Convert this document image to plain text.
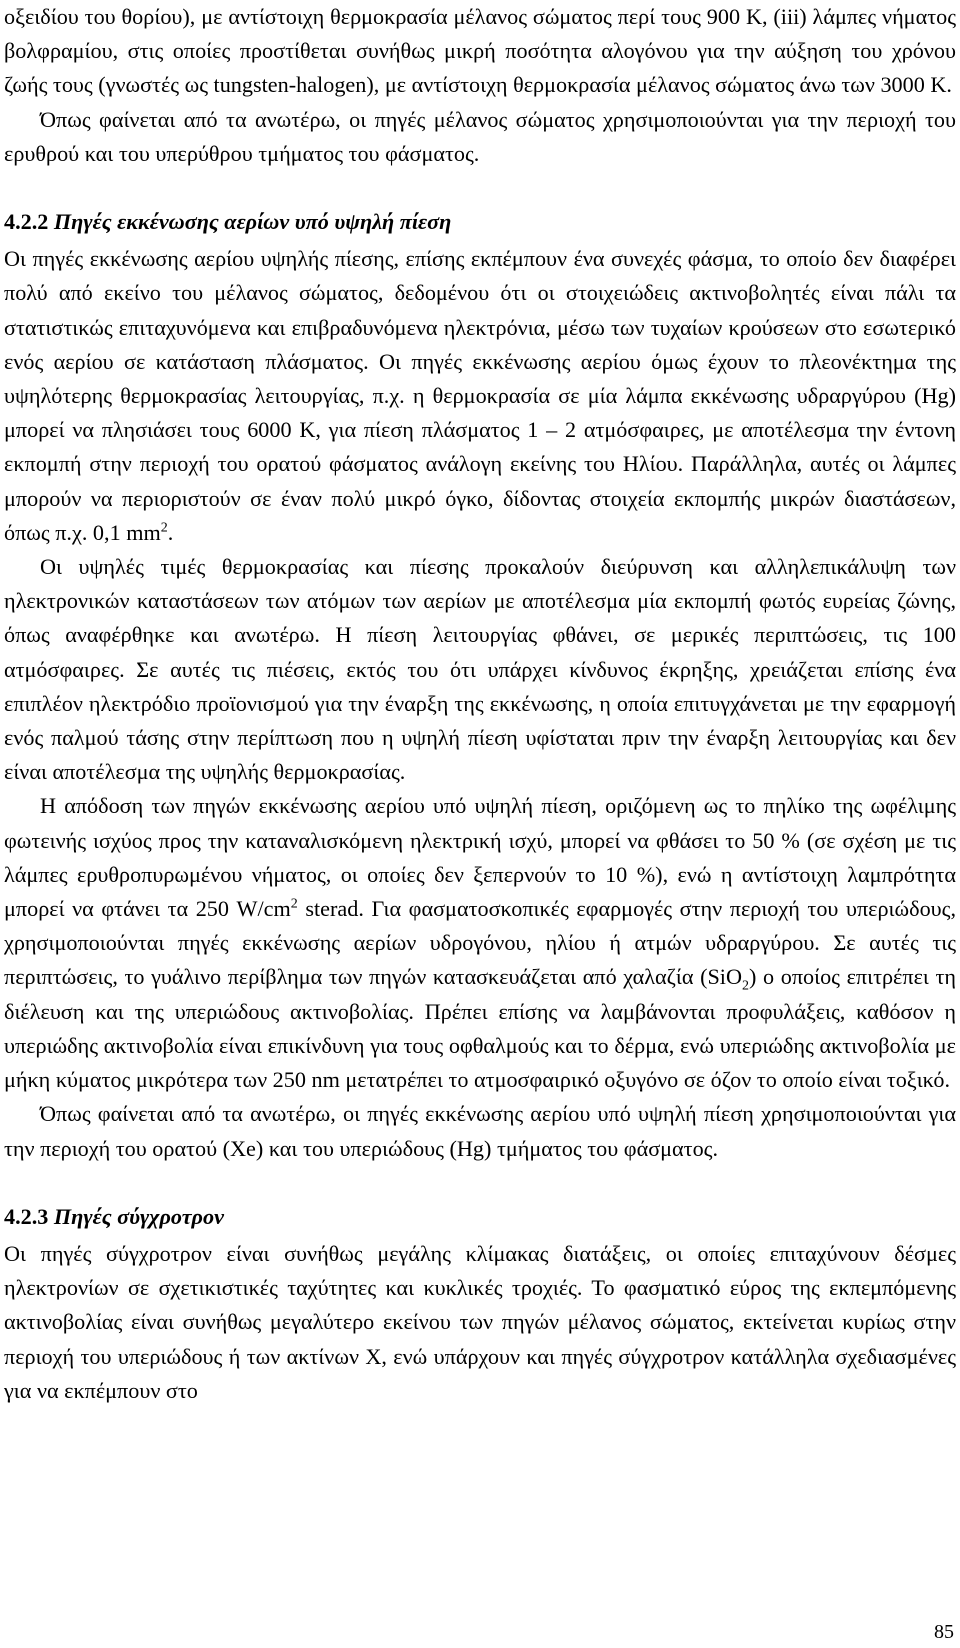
οξειδίου του θορίου), με αντίστοιχη θερμοκρασία μέλανος σώματος περί τους 900 K, (iii) λάμπες νήματος βολφραμίου, στις οποίες προστίθεται συνήθως μικρή ποσότητα αλογόνου για την αύξηση του χρόνου ζωής τους (γνωστές ως tungsten-halogen), με αντίστοιχη θερμοκρασία μέλανος σώματος άνω των 3000 K.

Όπως φαίνεται από τα ανωτέρω, οι πηγές μέλανος σώματος χρησιμοποιούνται για την περιοχή του ερυθρού και του υπερύθρου τμήματος του φάσματος.

4.2.2 Πηγές εκκένωσης αερίων υπό υψηλή πίεση

Οι πηγές εκκένωσης αερίου υψηλής πίεσης, επίσης εκπέμπουν ένα συνεχές φάσμα, το οποίο δεν διαφέρει πολύ από εκείνο του μέλανος σώματος, δεδομένου ότι οι στοιχειώδεις ακτινοβολητές είναι πάλι τα στατιστικώς επιταχυνόμενα και επιβραδυνόμενα ηλεκτρόνια, μέσω των τυχαίων κρούσεων στο εσωτερικό ενός αερίου σε κατάσταση πλάσματος. Οι πηγές εκκένωσης αερίου όμως έχουν το πλεονέκτημα της υψηλότερης θερμοκρασίας λειτουργίας, π.χ. η θερμοκρασία σε μία λάμπα εκκένωσης υδραργύρου (Hg) μπορεί να πλησιάσει τους 6000 K, για πίεση πλάσματος 1 – 2 ατμόσφαιρες, με αποτέλεσμα την έντονη εκπομπή στην περιοχή του ορατού φάσματος ανάλογη εκείνης του Ηλίου. Παράλληλα, αυτές οι λάμπες μπορούν να περιοριστούν σε έναν πολύ μικρό όγκο, δίδοντας στοιχεία εκπομπής μικρών διαστάσεων, όπως π.χ. 0,1 $mm^2$.

Οι υψηλές τιμές θερμοκρασίας και πίεσης προκαλούν διεύρυνση και αλληλεπικάλυψη των ηλεκτρονικών καταστάσεων των ατόμων των αερίων με αποτέλεσμα μία εκπομπή φωτός ευρείας ζώνης, όπως αναφέρθηκε και ανωτέρω. Η πίεση λειτουργίας φθάνει, σε μερικές περιπτώσεις, τις 100 ατμόσφαιρες. Σε αυτές τις πιέσεις, εκτός του ότι υπάρχει κίνδυνος έκρηξης, χρειάζεται επίσης ένα επιπλέον ηλεκτρόδιο προϊονισμού για την έναρξη της εκκένωσης, η οποία επιτυγχάνεται με την εφαρμογή ενός παλμού τάσης στην περίπτωση που η υψηλή πίεση υφίσταται πριν την έναρξη λειτουργίας και δεν είναι αποτέλεσμα της υψηλής θερμοκρασίας.

Η απόδοση των πηγών εκκένωσης αερίου υπό υψηλή πίεση, οριζόμενη ως το πηλίκο της ωφέλιμης φωτεινής ισχύος προς την καταναλισκόμενη ηλεκτρική ισχύ, μπορεί να φθάσει το 50 % (σε σχέση με τις λάμπες ερυθροπυρωμένου νήματος, οι οποίες δεν ξεπερνούν το 10 %), ενώ η αντίστοιχη λαμπρότητα μπορεί να φτάνει τα 250 $W/cm^2$ sterad. Για φασματοσκοπικές εφαρμογές στην περιοχή του υπεριώδους, χρησιμοποιούνται πηγές εκκένωσης αερίων υδρογόνου, ηλίου ή ατμών υδραργύρου. Σε αυτές τις περιπτώσεις, το γυάλινο περίβλημα των πηγών κατασκευάζεται από χαλαζία (SiO$_2$) ο οποίος επιτρέπει τη διέλευση και της υπεριώδους ακτινοβολίας. Πρέπει επίσης να λαμβάνονται προφυλάξεις, καθόσον η υπεριώδης ακτινοβολία είναι επικίνδυνη για τους οφθαλμούς και το δέρμα, ενώ υπεριώδης ακτινοβολία με μήκη κύματος μικρότερα των 250 nm μετατρέπει το ατμοσφαιρικό οξυγόνο σε όζον το οποίο είναι τοξικό.

Όπως φαίνεται από τα ανωτέρω, οι πηγές εκκένωσης αερίου υπό υψηλή πίεση χρησιμοποιούνται για την περιοχή του ορατού (Xe) και του υπεριώδους (Hg) τμήματος του φάσματος.

4.2.3 Πηγές σύγχροτρον

Οι πηγές σύγχροτρον είναι συνήθως μεγάλης κλίμακας διατάξεις, οι οποίες επιταχύνουν δέσμες ηλεκτρονίων σε σχετικιστικές ταχύτητες και κυκλικές τροχιές. Το φασματικό εύρος της εκπεμπόμενης ακτινοβολίας είναι συνήθως μεγαλύτερο εκείνου των πηγών μέλανος σώματος, εκτείνεται κυρίως στην περιοχή του υπεριώδους ή των ακτίνων X, ενώ υπάρχουν και πηγές σύγχροτρον κατάλληλα σχεδιασμένες για να εκπέμπουν στο

85
